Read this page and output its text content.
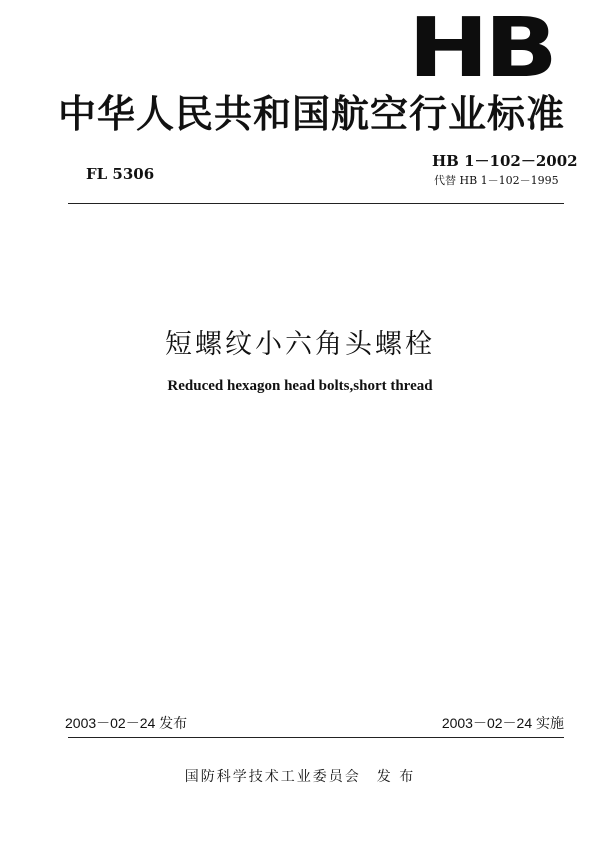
HB
中华人民共和国航空行业标准
FL 5306
HB 1－102－2002
代替 HB 1－102－1995
短螺纹小六角头螺栓
Reduced hexagon head bolts,short thread
2003－02－24 发布	2003－02－24 实施
国防科学技术工业委员会　发 布
